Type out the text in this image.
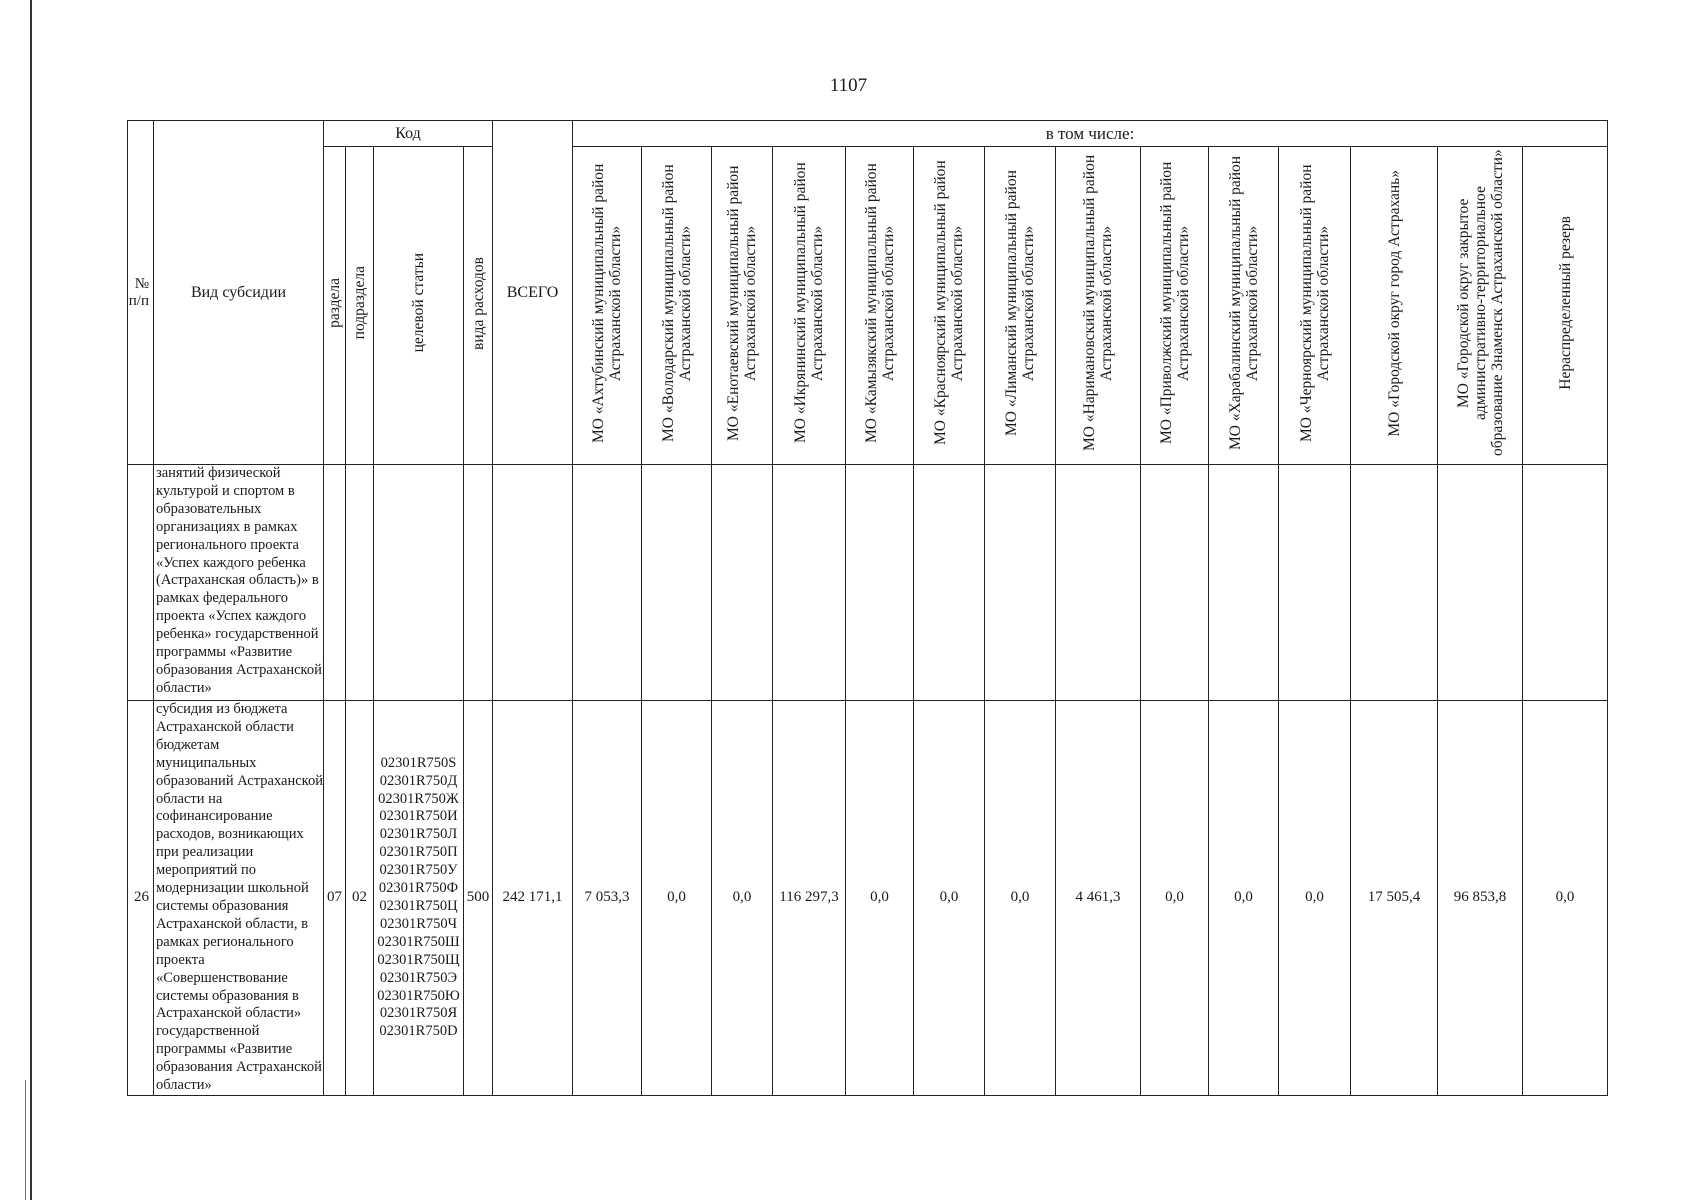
1107
№ п/п	Вид субсидии	Код				ВСЕГО	в том числе:													
		раздела	подраздела	целевой статьи	вида расходов		МО «Ахтубинский муниципальный район Астраханской области»	МО «Володарский муниципальный район Астраханской области»	МО «Енотаевский муниципальный район Астраханской области»	МО «Икрянинский муниципальный район Астраханской области»	МО «Камызякский муниципальный район Астраханской области»	МО «Красноярский муниципальный район Астраханской области»	МО «Лиманский муниципальный район Астраханской области»	МО «Наримановский муниципальный район Астраханской области»	МО «Приволжский муниципальный район Астраханской области»	МО «Харабалинский муниципальный район Астраханской области»	МО «Черноярский муниципальный район Астраханской области»	МО «Городской округ город Астрахань»	МО «Городской округ закрытое административно-территориальное образование Знаменск Астраханской области»	Нераспределенный резерв
	занятий физической культурой и спортом в образовательных организациях в рамках регионального проекта «Успех каждого ребенка (Астраханская область)» в рамках федерального проекта «Успех каждого ребенка» государственной программы «Развитие образования Астраханской области»																			
26	субсидия из бюджета Астраханской области бюджетам муниципальных образований Астраханской области на софинансирование расходов, возникающих при реализации мероприятий по модернизации школьной системы образования Астраханской области, в рамках регионального проекта «Совершенствование системы образования в Астраханской области» государственной программы «Развитие образования Астраханской области»	07	02	02301R750S 02301R750Д 02301R750Ж 02301R750И 02301R750Л 02301R750П 02301R750У 02301R750Ф 02301R750Ц 02301R750Ч 02301R750Ш 02301R750Щ 02301R750Э 02301R750Ю 02301R750Я 02301R750D	500	242 171,1	7 053,3	0,0	0,0	116 297,3	0,0	0,0	0,0	4 461,3	0,0	0,0	0,0	17 505,4	96 853,8	0,0
